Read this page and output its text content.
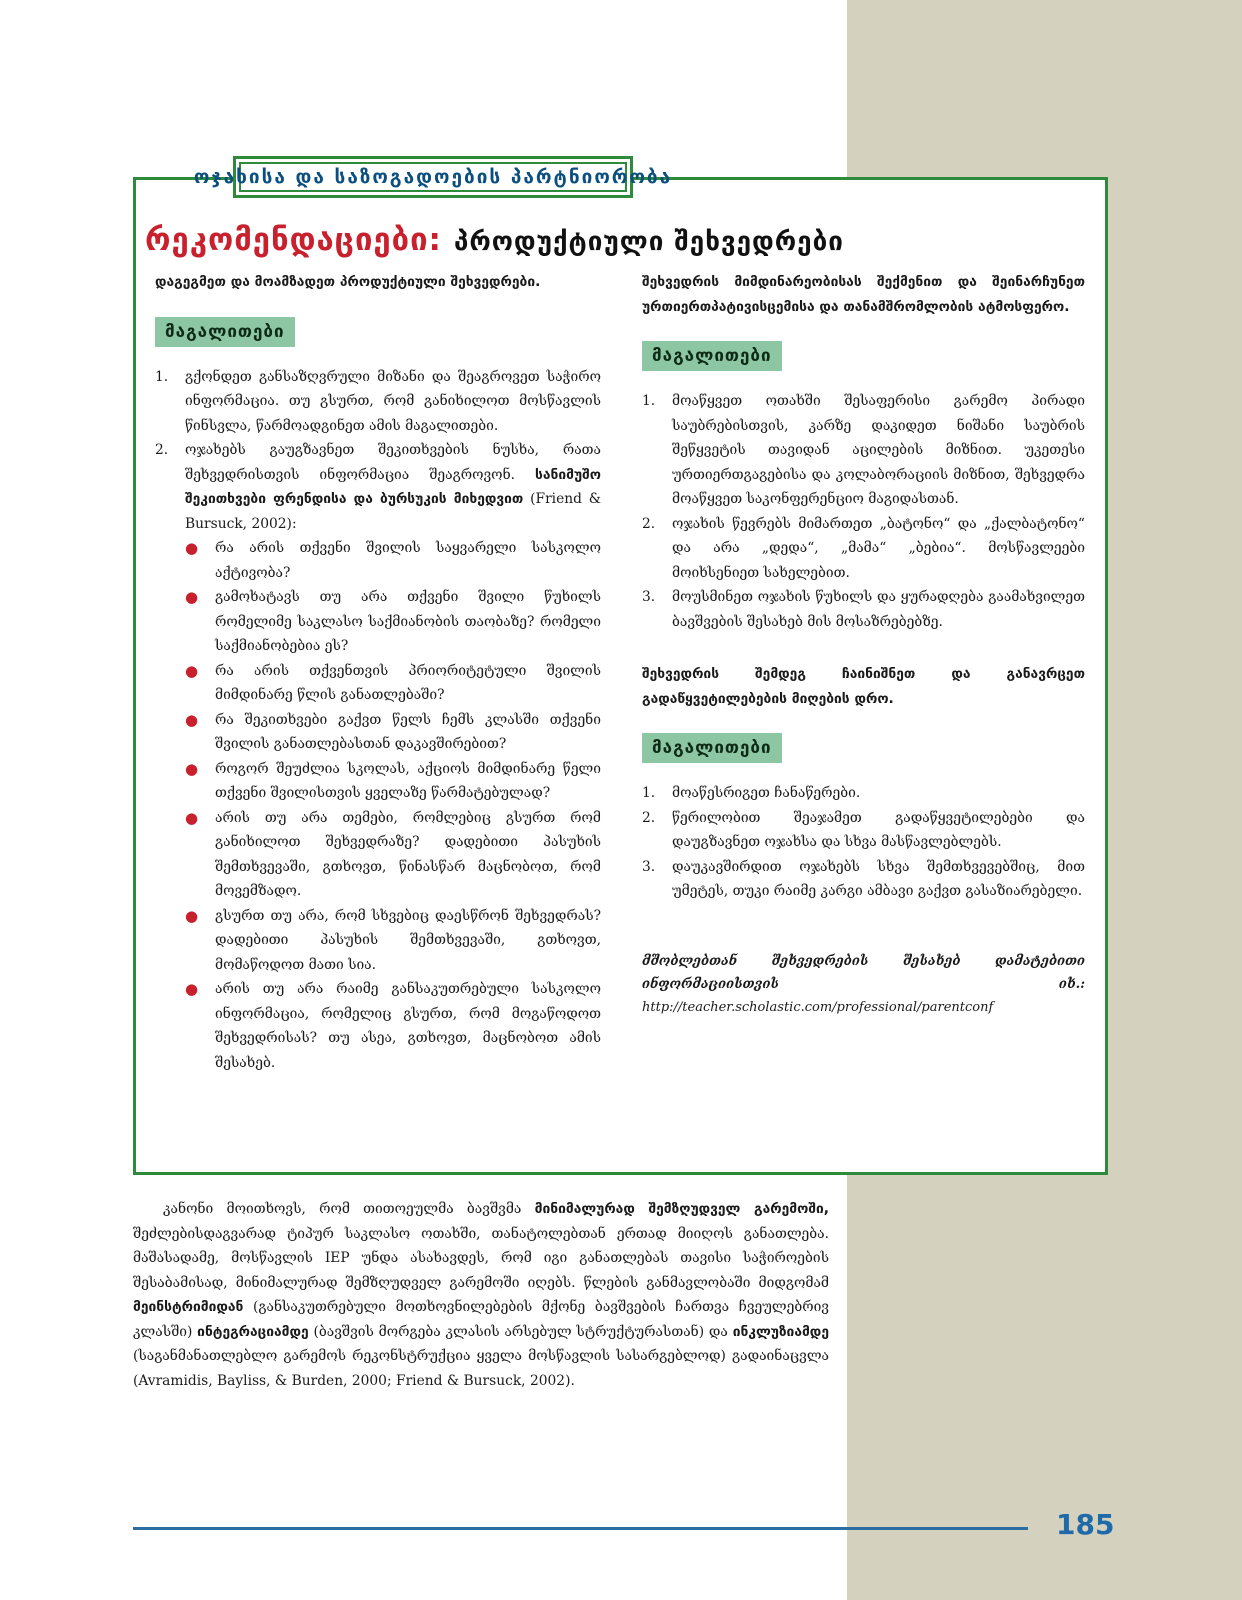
ოჯახისა და საზოგადოების პარტნიორობა
რეკომენდაციები: პროდუქტიული შეხვედრები

დაგეგმეთ და მოამზადეთ პროდუქტიული შეხვედრები.

მაგალითები
1. გქონდეთ განსაზღვრული მიზანი და შეაგროვეთ საჭირო ინფორმაცია. თუ გსურთ, რომ განიხილოთ მოსწავლის წინსვლა, წარმოადგინეთ ამის მაგალითები.
2. ოჯახებს გაუგზავნეთ შეკითხვების ნუსხა, რათა შეხვედრისთვის ინფორმაცია შეაგროვონ. სანიმუშო შეკითხვები ფრენდისა და ბურსუკის მიხედვით (Friend & Bursuck, 2002):
● რა არის თქვენი შვილის საყვარელი სასკოლო აქტივობა?
● გამოხატავს თუ არა თქვენი შვილი წუხილს რომელიმე საკლასო საქმიანობის თაობაზე? რომელი საქმიანობებია ეს?
● რა არის თქვენთვის პრიორიტეტული შვილის მიმდინარე წლის განათლებაში?
● რა შეკითხვები გაქვთ წელს ჩემს კლასში თქვენი შვილის განათლებასთან დაკავშირებით?
● როგორ შეუძლია სკოლას, აქციოს მიმდინარე წელი თქვენი შვილისთვის ყველაზე წარმატებულად?
● არის თუ არა თემები, რომლებიც გსურთ რომ განიხილოთ შეხვედრაზე? დადებითი პასუხის შემთხვევაში, გთხოვთ, წინასწარ მაცნობოთ, რომ მოვემზადო.
● გსურთ თუ არა, რომ სხვებიც დაესწრონ შეხვედრას? დადებითი პასუხის შემთხვევაში, გთხოვთ, მომაწოდოთ მათი სია.
● არის თუ არა რაიმე განსაკუთრებული სასკოლო ინფორმაცია, რომელიც გსურთ, რომ მოგაწოდოთ შეხვედრისას? თუ ასეა, გთხოვთ, მაცნობოთ ამის შესახებ.

შეხვედრის მიმდინარეობისას შექმენით და შეინარჩუნეთ ურთიერთპატივისცემისა და თანამშრომლობის ატმოსფერო.

მაგალითები
1. მოაწყვეთ ოთახში შესაფერისი გარემო პირადი საუბრებისთვის, კარზე დაკიდეთ ნიშანი საუბრის შეწყვეტის თავიდან აცილების მიზნით. უკეთესი ურთიერთგაგებისა და კოლაბორაციის მიზნით, შეხვედრა მოაწყვეთ საკონფერენციო მაგიდასთან.
2. ოჯახის წევრებს მიმართეთ „ბატონო“ და „ქალბატონო“ და არა „დედა“, „მამა“ „ბებია“. მოსწავლეები მოიხსენიეთ სახელებით.
3. მოუსმინეთ ოჯახის წუხილს და ყურადღება გაამახვილეთ ბავშვების შესახებ მის მოსაზრებებზე.

შეხვედრის შემდეგ ჩაინიშნეთ და განავრცეთ გადაწყვეტილებების მიღების დრო.

მაგალითები
1. მოაწესრიგეთ ჩანაწერები.
2. წერილობით შეაჯამეთ გადაწყვეტილებები და დაუგზავნეთ ოჯახსა და სხვა მასწავლებლებს.
3. დაუკავშირდით ოჯახებს სხვა შემთხვევებშიც, მით უმეტეს, თუკი რაიმე კარგი ამბავი გაქვთ გასაზიარებელი.
მშობლებთან შეხვედრების შესახებ დამატებითი ინფორმაციისთვის იხ.: http://teacher.scholastic.com/professional/parentconf

კანონი მოითხოვს, რომ თითოეულმა ბავშვმა მინიმალურად შემზღუდველ გარემოში, შეძლებისდაგვარად ტიპურ საკლასო ოთახში, თანატოლებთან ერთად მიიღოს განათლება. მაშასადამე, მოსწავლის IEP უნდა ასახავდეს, რომ იგი განათლებას თავისი საჭიროების შესაბამისად, მინიმალურად შემზღუდველ გარემოში იღებს. წლების განმავლობაში მიდგომამ მეინსტრიმიდან (განსაკუთრებული მოთხოვნილებების მქონე ბავშვების ჩართვა ჩვეულებრივ კლასში) ინტეგრაციამდე (ბავშვის მორგება კლასის არსებულ სტრუქტურასთან) და ინკლუზიამდე (საგანმანათლებლო გარემოს რეკონსტრუქცია ყველა მოსწავლის სასარგებლოდ) გადაინაცვლა (Avramidis, Bayliss, & Burden, 2000; Friend & Bursuck, 2002).

185
